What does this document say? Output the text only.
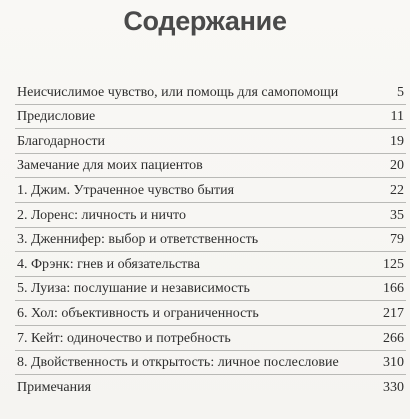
Содержание
Неисчислимое чувство, или помощь для самопомощи	5
Предисловие	11
Благодарности	19
Замечание для моих пациентов	20
1. Джим. Утраченное чувство бытия	22
2. Лоренс: личность и ничто	35
3. Дженнифер: выбор и ответственность	79
4. Фрэнк: гнев и обязательства	125
5. Луиза: послушание и независимость	166
6. Хол: объективность и ограниченность	217
7. Кейт: одиночество и потребность	266
8. Двойственность и открытость: личное послесловие	310
Примечания	330
